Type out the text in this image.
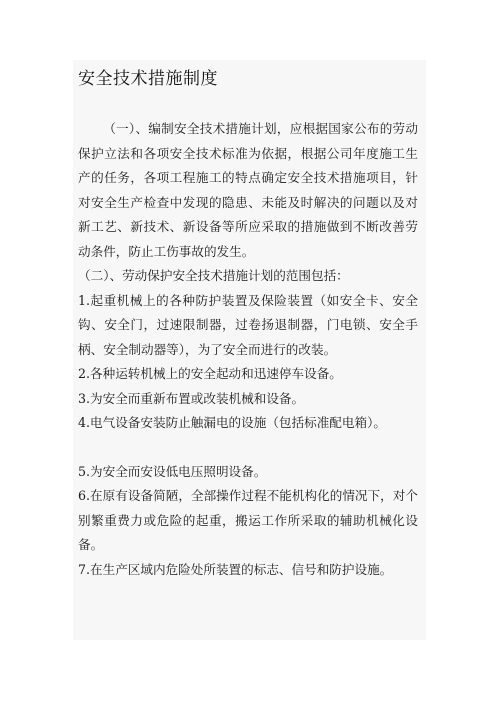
安全技术措施制度

（一）、编制安全技术措施计划，应根据国家公布的劳动保护立法和各项安全技术标准为依据，根据公司年度施工生产的任务，各项工程施工的特点确定安全技术措施项目，针对安全生产检查中发现的隐患、未能及时解决的问题以及对新工艺、新技术、新设备等所应采取的措施做到不断改善劳动条件，防止工伤事故的发生。

（二）、劳动保护安全技术措施计划的范围包括：

1.起重机械上的各种防护装置及保险装置（如安全卡、安全钩、安全门，过速限制器，过卷扬退制器，门电锁、安全手柄、安全制动器等），为了安全而进行的改装。

2.各种运转机械上的安全起动和迅速停车设备。

3.为安全而重新布置或改装机械和设备。

4.电气设备安装防止触漏电的设施（包括标准配电箱）。

5.为安全而安设低电压照明设备。

6.在原有设备简陋，全部操作过程不能机构化的情况下，对个别繁重费力或危险的起重，搬运工作所采取的辅助机械化设备。

7.在生产区域内危险处所装置的标志、信号和防护设施。
